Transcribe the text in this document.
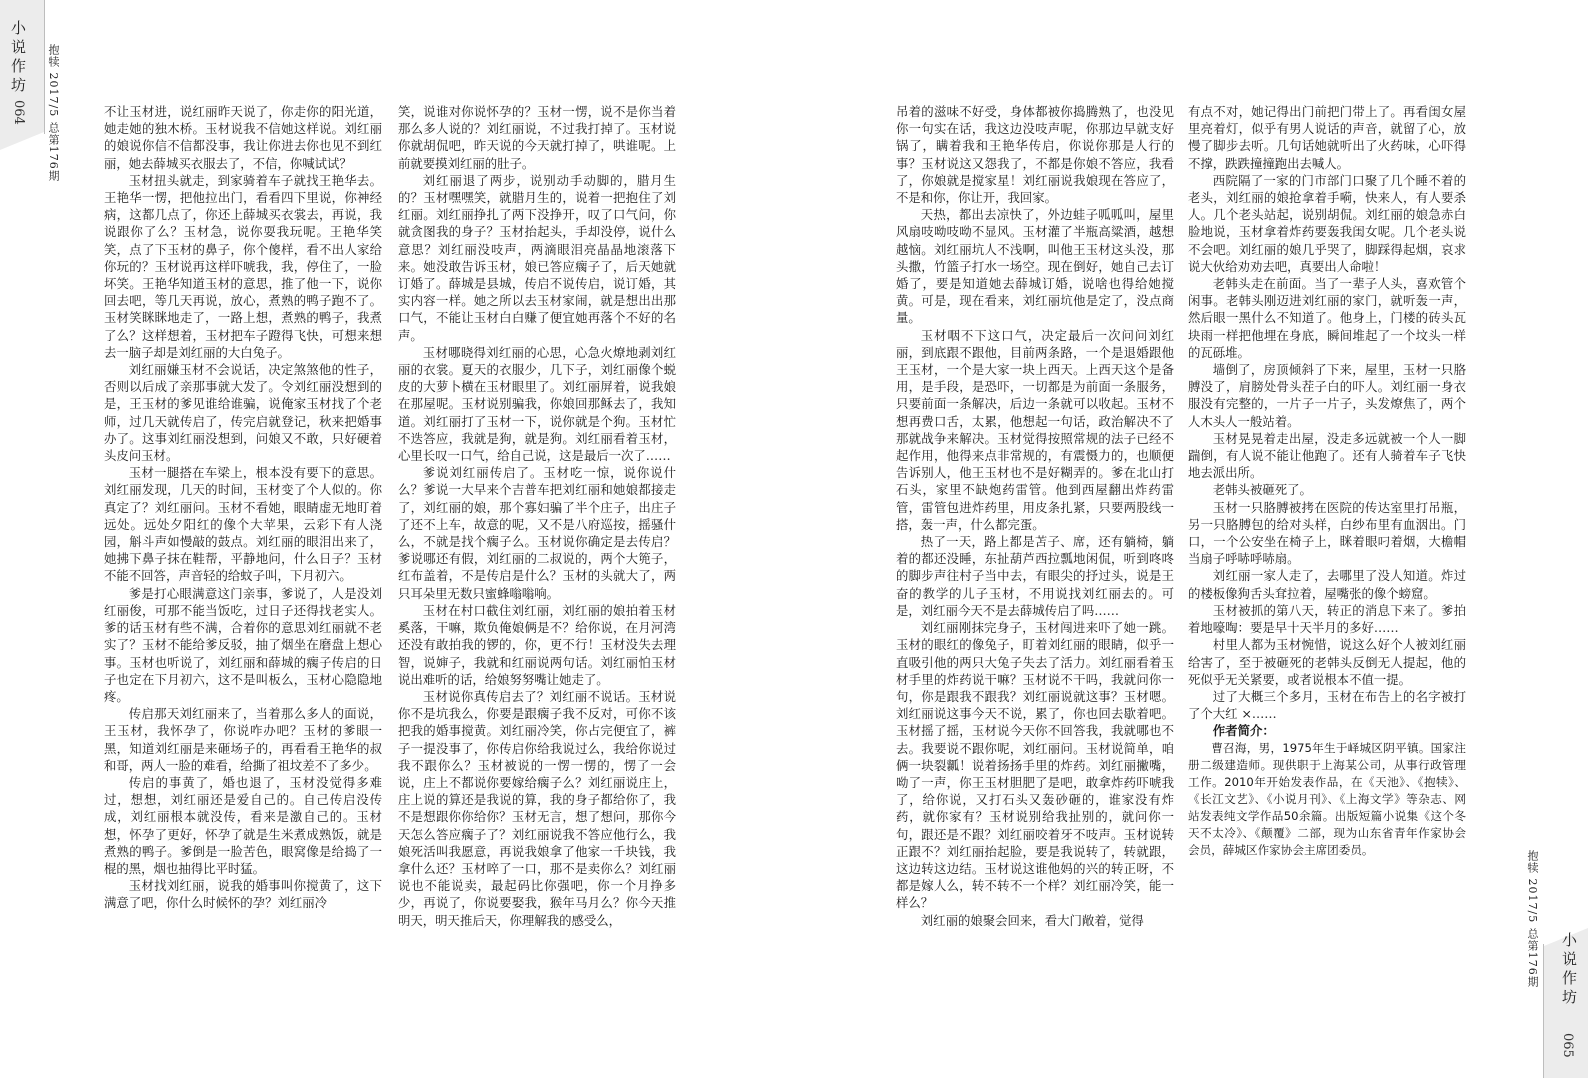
小说作坊
064 抱犊 2017/5 总第176期	不让玉材进，说红丽昨天说了，你走你的阳光道，她走她的独木桥。玉材说我不信她这样说。刘红丽的娘说你信不信都没事，我让你进去你也见不到红丽，她去薛城买衣服去了，不信，你喊试试？

玉材扭头就走，到家骑着车子就找王艳华去。王艳华一愣，把他拉出门，看看四下里说，你神经病，这都几点了，你还上薛城买衣裳去，再说，我说跟你了么？玉材急，说你耍我玩呢。王艳华笑笑，点了下玉材的鼻子，你个傻样，看不出人家给你玩的？玉材说再这样吓唬我，我，停住了，一脸坏笑。王艳华知道玉材的意思，推了他一下，说你回去吧，等几天再说，放心，煮熟的鸭子跑不了。玉材笑眯眯地走了，一路上想，煮熟的鸭子，我煮了么？这样想着，玉材把车子蹬得飞快，可想来想去一脑子却是刘红丽的大白兔子。

刘红丽嫌玉材不会说话，决定煞煞他的性子，否则以后成了亲那事就大发了。令刘红丽没想到的是，王玉材的爹见谁给谁骗，说俺家玉材找了个老师，过几天就传启了，传完启就登记，秋来把婚事办了。这事刘红丽没想到，问娘又不敢，只好硬着头皮问玉材。

玉材一腿搭在车梁上，根本没有要下的意思。刘红丽发现，几天的时间，玉材变了个人似的。你真定了？刘红丽问。玉材不看她，眼睛虚无地盯着远处。远处夕阳红的像个大苹果，云彩下有人浇园，斛斗声如慢敲的鼓点。刘红丽的眼泪出来了，她拂下鼻子抹在鞋帮，平静地问，什么日子？玉材不能不回答，声音轻的给蚊子叫，下月初六。

爹是打心眼满意这门亲事，爹说了，人是没刘红丽俊，可那不能当饭吃，过日子还得找老实人。爹的话玉材有些不满，合着你的意思刘红丽就不老实了？玉材不能给爹反驳，抽了烟坐在磨盘上想心事。玉材也听说了，刘红丽和薛城的瘸子传启的日子也定在下月初六，这不是叫板么，玉材心隐隐地疼。

传启那天刘红丽来了，当着那么多人的面说，王玉材，我怀孕了，你说咋办吧？玉材的爹眼一黑，知道刘红丽是来砸场子的，再看看王艳华的叔和哥，两人一脸的难看，给撕了祖坟差不了多少。

传启的事黄了，婚也退了，玉材没觉得多难过，想想，刘红丽还是爱自己的。自己传启没传成，刘红丽根本就没传，看来是激自己的。玉材想，怀孕了更好，怀孕了就是生米煮成熟饭，就是煮熟的鸭子。爹倒是一脸苦色，眼窝像是给捣了一棍的黑，烟也抽得比平时猛。

玉材找刘红丽，说我的婚事叫你搅黄了，这下满意了吧，你什么时候怀的孕？刘红丽冷

笑，说谁对你说怀孕的？玉材一愣，说不是你当着那么多人说的？刘红丽说，不过我打掉了。玉材说你就胡侃吧，昨天说的今天就打掉了，哄谁呢。上前就要摸刘红丽的肚子。

刘红丽退了两步，说别动手动脚的，腊月生的？玉材嘿嘿笑，就腊月生的，说着一把抱住了刘红丽。刘红丽挣扎了两下没挣开，叹了口气问，你就贪图我的身子？玉材抬起头，手却没停，说什么意思？刘红丽没吱声，两滴眼泪亮晶晶地滚落下来。她没敢告诉玉材，娘已答应瘸子了，后天她就订婚了。薛城是县城，传启不说传启，说订婚，其实内容一样。她之所以去玉材家闹，就是想出出那口气，不能让玉材白白赚了便宜她再落个不好的名声。

玉材哪晓得刘红丽的心思，心急火燎地剥刘红丽的衣裳。夏天的衣服少，几下子，刘红丽像个蜕皮的大萝卜横在玉材眼里了。刘红丽屏着，说我娘在那屋呢。玉材说别骗我，你娘回那稣去了，我知道。刘红丽打了玉材一下，说你就是个狗。玉材忙不迭答应，我就是狗，就是狗。刘红丽看着玉材，心里长叹一口气，给自己说，这是最后一次了……

爹说刘红丽传启了。玉材吃一惊，说你说什么？爹说一大早来个吉普车把刘红丽和她娘都接走了，刘红丽的娘，那个寡妇骗了半个庄子，出庄子了还不上车，故意的呢，又不是八府巡按，摇骚什么，不就是找个瘸子么。玉材说你确定是去传启？爹说哪还有假，刘红丽的二叔说的，两个大篼子，红布盖着，不是传启是什么？玉材的头就大了，两只耳朵里无数只蜜蜂嗡嗡响。

玉材在村口截住刘红丽，刘红丽的娘拍着玉材奚落，干嘛，欺负俺娘俩是不？给你说，在月河湾还没有敢拍我的锣的，你，更不行！玉材没失去理智，说婶子，我就和红丽说两句话。刘红丽怕玉材说出难听的话，给娘努努嘴让她走了。

玉材说你真传启去了？刘红丽不说话。玉材说你不是坑我么，你要是跟瘸子我不反对，可你不该把我的婚事搅黄。刘红丽冷笑，你占完便宜了，裤子一提没事了，你传启你给我说过么，我给你说过我不跟你么？玉材被说的一愣一愣的，愣了一会说，庄上不都说你要嫁给瘸子么？刘红丽说庄上，庄上说的算还是我说的算，我的身子都给你了，我不是想跟你你给你？玉材无言，想了想问，那你今天怎么答应瘸子了？刘红丽说我不答应他行么，我娘死活叫我愿意，再说我娘拿了他家一千块钱，我拿什么还？玉材啐了一口，那不是卖你么？刘红丽说也不能说卖，最起码比你强吧，你一个月挣多少，再说了，你说要娶我，猴年马月么？你今天推明天，明天推后天，你理解我的感受么，

吊着的滋味不好受，身体都被你捣腾熟了，也没见你一句实在话，我这边没吱声呢，你那边早就支好锅了，瞒着我和王艳华传启，你说你那是人行的事？玉材说这又怨我了，不都是你娘不答应，我看了，你娘就是搅家星！刘红丽说我娘现在答应了，不是和你，你让开，我回家。

天热，都出去凉快了，外边蛙子呱呱叫，屋里风扇吱呦吱呦不显风。玉材灌了半瓶高粱酒，越想越恼。刘红丽坑人不浅啊，叫他王玉材这头没，那头撒，竹篮子打水一场空。现在倒好，她自己去订婚了，要是知道她去薛城订婚，说啥也得给她搅黄。可是，现在看来，刘红丽坑他是定了，没点商量。

玉材咽不下这口气，决定最后一次问问刘红丽，到底跟不跟他，目前两条路，一个是退婚跟他王玉材，一个是大家一块上西天。上西天这个是备用，是手段，是恐吓，一切都是为前面一条服务，只要前面一条解决，后边一条就可以收起。玉材不想再费口舌，太累，他想起一句话，政治解决不了那就战争来解决。玉材觉得按照常规的法子已经不起作用，他得来点非常规的，有震慑力的，也顺便告诉别人，他王玉材也不是好糊弄的。爹在北山打石头，家里不缺炮药雷管。他到西屋翻出炸药雷管，雷管包进炸药里，用皮条扎紧，只要两股线一搭，轰一声，什么都完蛋。

热了一天，路上都是苫子、席，还有躺椅，躺着的都还没睡，东扯葫芦西拉瓢地闲侃，听到咚咚的脚步声往村子当中去，有眼尖的抒过头，说是王奋的教学的儿子玉材，不用说找刘红丽去的。可是，刘红丽今天不是去薛城传启了吗……

刘红丽刚抹完身子，玉材闯进来吓了她一跳。玉材的眼红的像兔子，盯着刘红丽的眼睛，似乎一直吸引他的两只大兔子失去了活力。刘红丽看着玉材手里的炸药说干嘛？玉材说不干吗，我就问你一句，你是跟我不跟我？刘红丽说就这事？玉材嗯。刘红丽说这事今天不说，累了，你也回去歇着吧。玉材摇了摇，玉材说今天你不回答我，我就哪也不去。我要说不跟你呢，刘红丽问。玉材说简单，咱俩一块裂瓤！说着扬扬手里的炸药。刘红丽撇嘴，呦了一声，你王玉材胆肥了是吧，敢拿炸药吓唬我了，给你说，又打石头又轰砂砸的，谁家没有炸药，就你家有？玉材说别给我扯别的，就问你一句，跟还是不跟？刘红丽咬着牙不吱声。玉材说转正跟不？刘红丽抬起脸，要是我说转了，转就跟，这边转这边结。玉材说这谁他妈的兴的转正呀，不都是嫁人么，转不转不一个样？刘红丽冷笑，能一样么？

刘红丽的娘聚会回来，看大门敞着，觉得

有点不对，她记得出门前把门带上了。再看闺女屋里亮着灯，似乎有男人说话的声音，就留了心，放慢了脚步去听。几句话她就听出了火药味，心吓得不撑，跌跌撞撞跑出去喊人。

西院隔了一家的门市部门口聚了几个睡不着的老头，刘红丽的娘抢拿着手嗬，快来人，有人要杀人。几个老头站起，说别胡侃。刘红丽的娘急赤白脸地说，玉材拿着炸药要轰我闺女呢。几个老头说不会吧。刘红丽的娘几乎哭了，脚踩得起烟，哀求说大伙给劝劝去吧，真要出人命啦！

老韩头走在前面。当了一辈子人头，喜欢管个闲事。老韩头刚迈进刘红丽的家门，就听轰一声，然后眼一黑什么不知道了。他身上，门楼的砖头瓦块雨一样把他埋在身底，瞬间堆起了一个坟头一样的瓦砾堆。

墙倒了，房顶倾斜了下来，屋里，玉材一只胳膊没了，肩膀处骨头茬子白的吓人。刘红丽一身衣服没有完整的，一片子一片子，头发燎焦了，两个人木头人一般站着。

玉材晃晃着走出屋，没走多远就被一个人一脚踹倒，有人说不能让他跑了。还有人骑着车子飞快地去派出所。

老韩头被砸死了。

玉材一只胳膊被拷在医院的传达室里打吊瓶，另一只胳膊包的给对头样，白纱布里有血洇出。门口，一个公安坐在椅子上，眯着眼叼着烟，大檐帽当扇子呼哧呼哧扇。

刘红丽一家人走了，去哪里了没人知道。炸过的楼板像狗舌头耷拉着，屋嘴张的像个螃窟。

玉材被抓的第八天，转正的消息下来了。爹拍着地嚎啕：要是早十天半月的多好……

村里人都为玉材惋惜，说这么好个人被刘红丽给害了，至于被砸死的老韩头反倒无人提起，他的死似乎无关紧要，或者说根本不值一提。

过了大概三个多月，玉材在布告上的名字被打了个大红 ×……

作者简介：

曹召海，男，1975年生于峄城区阴平镇。国家注册二级建造师。现供职于上海某公司，从事行政管理工作。2010年开始发表作品，在《天池》、《抱犊》、《长江文艺》、《小说月刊》、《上海文学》等杂志、网站发表纯文学作品50余篇。出版短篇小说集《这个冬天不太冷》、《颠覆》二部，现为山东省青年作家协会会员，薛城区作家协会主席团委员。

小说作坊
065
抱犊 2017/5 总第176期
